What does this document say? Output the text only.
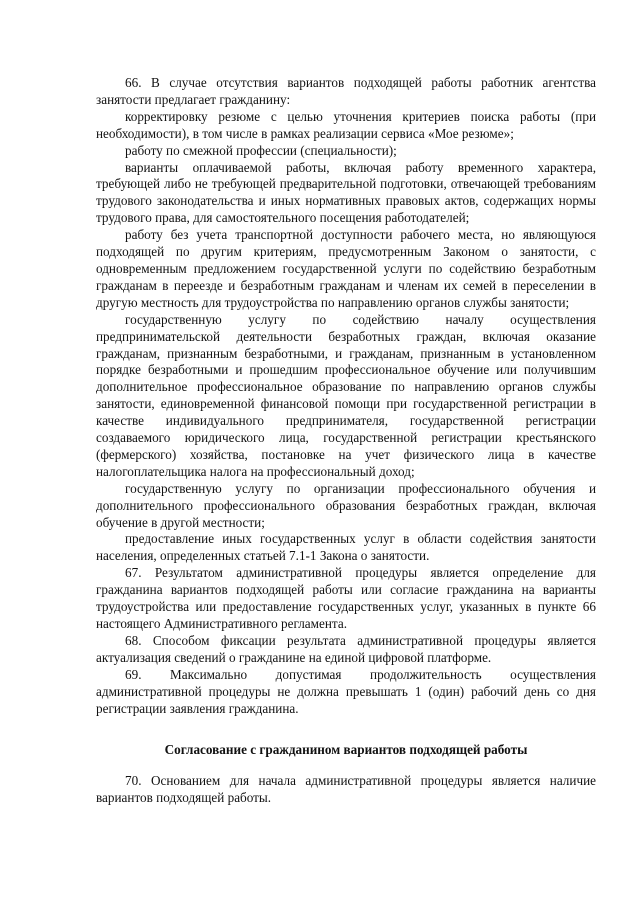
66. В случае отсутствия вариантов подходящей работы работник агентства занятости предлагает гражданину:

корректировку резюме с целью уточнения критериев поиска работы (при необходимости), в том числе в рамках реализации сервиса «Мое резюме»;

работу по смежной профессии (специальности);

варианты оплачиваемой работы, включая работу временного характера, требующей либо не требующей предварительной подготовки, отвечающей требованиям трудового законодательства и иных нормативных правовых актов, содержащих нормы трудового права, для самостоятельного посещения работодателей;

работу без учета транспортной доступности рабочего места, но являющуюся подходящей по другим критериям, предусмотренным Законом о занятости, с одновременным предложением государственной услуги по содействию безработным гражданам в переезде и безработным гражданам и членам их семей в переселении в другую местность для трудоустройства по направлению органов службы занятости;

государственную услугу по содействию началу осуществления предпринимательской деятельности безработных граждан, включая оказание гражданам, признанным безработными, и гражданам, признанным в установленном порядке безработными и прошедшим профессиональное обучение или получившим дополнительное профессиональное образование по направлению органов службы занятости, единовременной финансовой помощи при государственной регистрации в качестве индивидуального предпринимателя, государственной регистрации создаваемого юридического лица, государственной регистрации крестьянского (фермерского) хозяйства, постановке на учет физического лица в качестве налогоплательщика налога на профессиональный доход;

государственную услугу по организации профессионального обучения и дополнительного профессионального образования безработных граждан, включая обучение в другой местности;

предоставление иных государственных услуг в области содействия занятости населения, определенных статьей 7.1-1 Закона о занятости.

67. Результатом административной процедуры является определение для гражданина вариантов подходящей работы или согласие гражданина на варианты трудоустройства или предоставление государственных услуг, указанных в пункте 66 настоящего Административного регламента.

68. Способом фиксации результата административной процедуры является актуализация сведений о гражданине на единой цифровой платформе.

69. Максимально допустимая продолжительность осуществления административной процедуры не должна превышать 1 (один) рабочий день со дня регистрации заявления гражданина.

Согласование с гражданином вариантов подходящей работы

70. Основанием для начала административной процедуры является наличие вариантов подходящей работы.
